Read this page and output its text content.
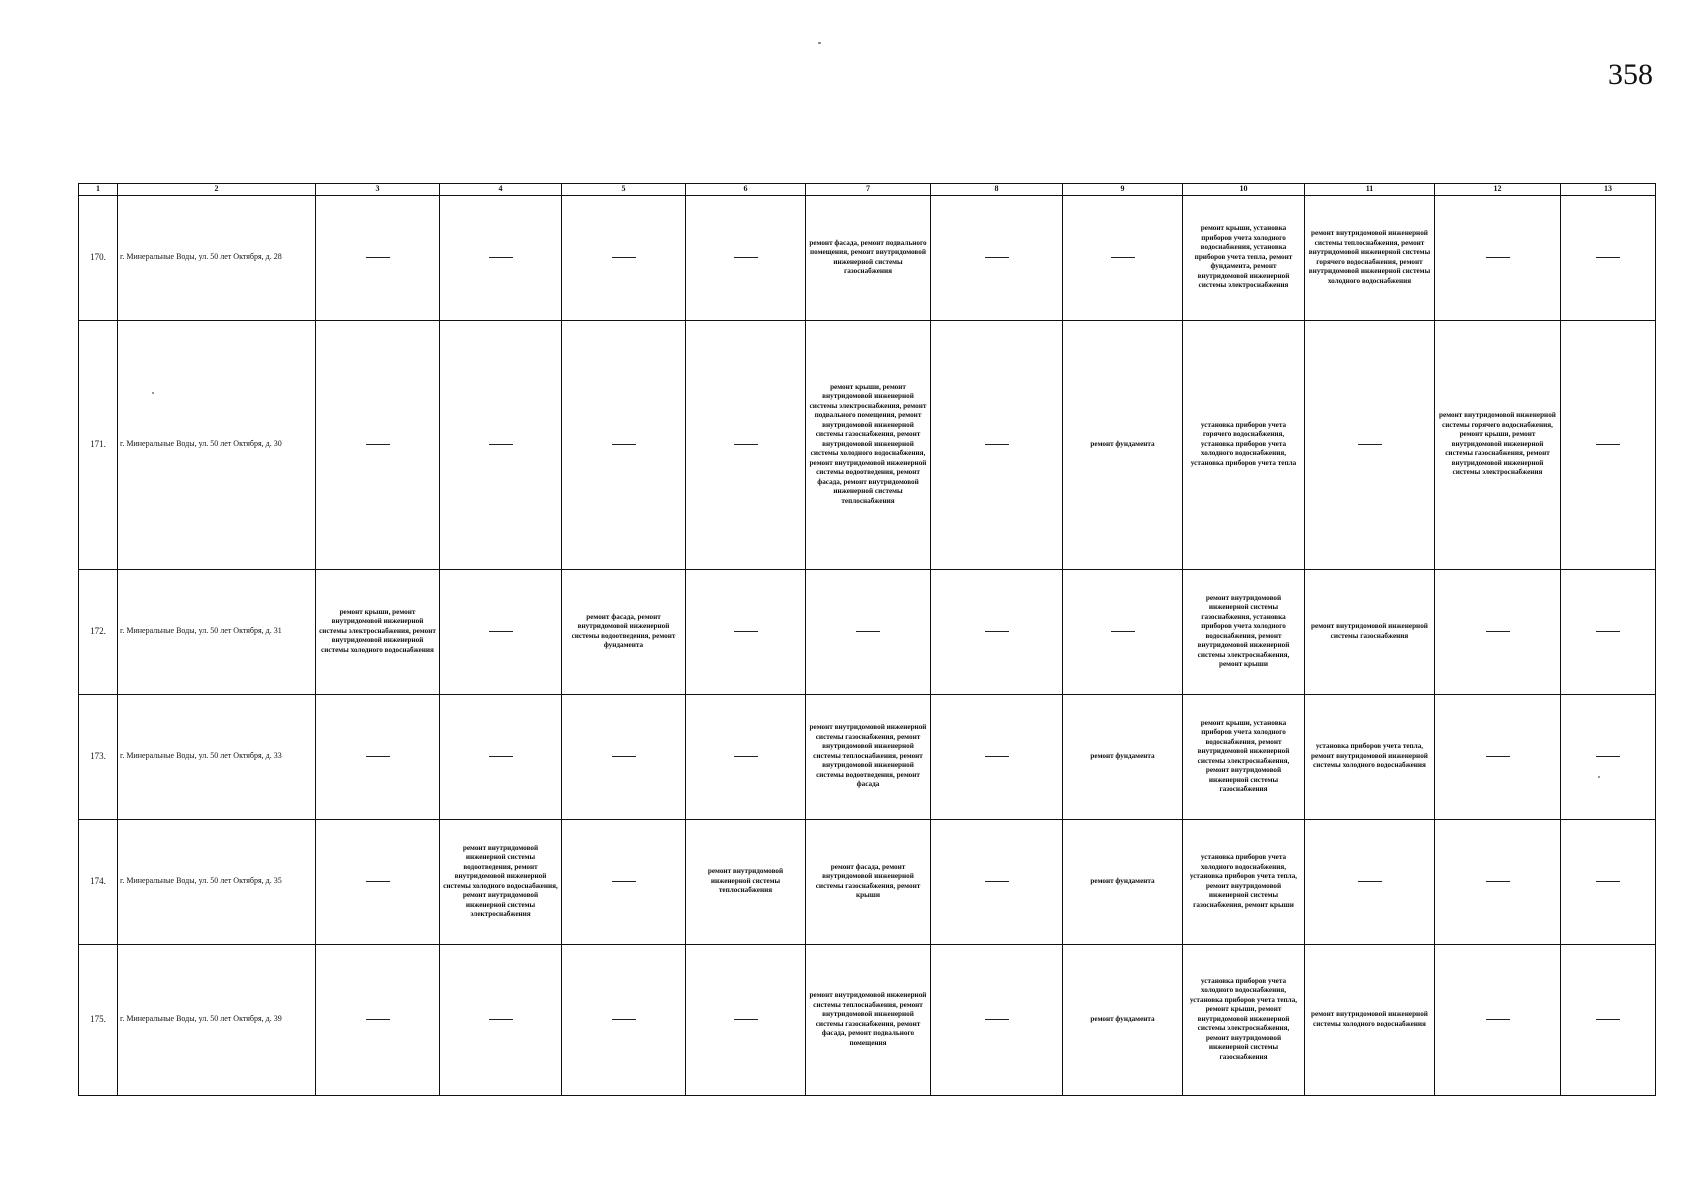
358
1	2	3	4	5	6	7	8	9	10	11	12	13
170.	г. Минеральные Воды, ул. 50 лет Октября, д. 28					ремонт фасада, ремонт подвального помещения, ремонт внутридомовой инженерной системы газоснабжения			ремонт крыши, установка приборов учета холодного водоснабжения, установка приборов учета тепла, ремонт фундамента, ремонт внутридомовой инженерной системы электроснабжения	ремонт внутридомовой инженерной системы теплоснабжения, ремонт внутридомовой инженерной системы горячего водоснабжения, ремонт внутридомовой инженерной системы холодного водоснабжения		
171.	г. Минеральные Воды, ул. 50 лет Октября, д. 30					ремонт крыши, ремонт внутридомовой инженерной системы электроснабжения, ремонт подвального помещения, ремонт внутридомовой инженерной системы газоснабжения, ремонт внутридомовой инженерной системы холодного водоснабжения, ремонт внутридомовой инженерной системы водоотведения, ремонт фасада, ремонт внутридомовой инженерной системы теплоснабжения		ремонт фундамента	установка приборов учета горячего водоснабжения, установка приборов учета холодного водоснабжения, установка приборов учета тепла		ремонт внутридомовой инженерной системы горячего водоснабжения, ремонт крыши, ремонт внутридомовой инженерной системы газоснабжения, ремонт внутридомовой инженерной системы электроснабжения	
172.	г. Минеральные Воды, ул. 50 лет Октября, д. 31	ремонт крыши, ремонт внутридомовой инженерной системы электроснабжения, ремонт внутридомовой инженерной системы холодного водоснабжения		ремонт фасада, ремонт внутридомовой инженерной системы водоотведения, ремонт фундамента					ремонт внутридомовой инженерной системы газоснабжения, установка приборов учета холодного водоснабжения, ремонт внутридомовой инженерной системы электроснабжения, ремонт крыши	ремонт внутридомовой инженерной системы газоснабжения		
173.	г. Минеральные Воды, ул. 50 лет Октября, д. 33					ремонт внутридомовой инженерной системы газоснабжения, ремонт внутридомовой инженерной системы теплоснабжения, ремонт внутридомовой инженерной системы водоотведения, ремонт фасада		ремонт фундамента	ремонт крыши, установка приборов учета холодного водоснабжения, ремонт внутридомовой инженерной системы электроснабжения, ремонт внутридомовой инженерной системы газоснабжения	установка приборов учета тепла, ремонт внутридомовой инженерной системы холодного водоснабжения		
174.	г. Минеральные Воды, ул. 50 лет Октября, д. 35		ремонт внутридомовой инженерной системы водоотведения, ремонт внутридомовой инженерной системы холодного водоснабжения, ремонт внутридомовой инженерной системы электроснабжения		ремонт внутридомовой инженерной системы теплоснабжения	ремонт фасада, ремонт внутридомовой инженерной системы газоснабжения, ремонт крыши		ремонт фундамента	установка приборов учета холодного водоснабжения, установка приборов учета тепла, ремонт внутридомовой инженерной системы газоснабжения, ремонт крыши			
175.	г. Минеральные Воды, ул. 50 лет Октября, д. 39					ремонт внутридомовой инженерной системы теплоснабжения, ремонт внутридомовой инженерной системы газоснабжения, ремонт фасада, ремонт подвального помещения		ремонт фундамента	установка приборов учета холодного водоснабжения, установка приборов учета тепла, ремонт крыши, ремонт внутридомовой инженерной системы электроснабжения, ремонт внутридомовой инженерной системы газоснабжения	ремонт внутридомовой инженерной системы холодного водоснабжения		
